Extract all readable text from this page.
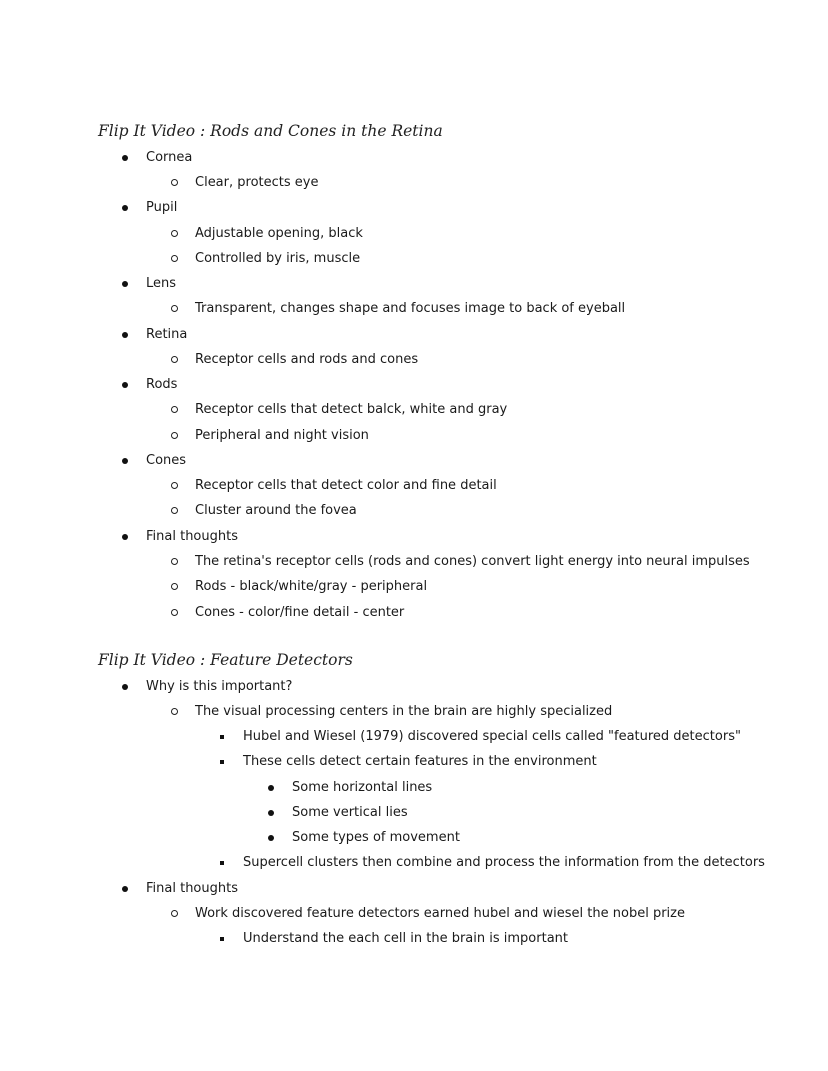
Flip It Video : Rods and Cones in the Retina
Cornea
Clear, protects eye
Pupil
Adjustable opening, black
Controlled by iris, muscle
Lens
Transparent, changes shape and focuses image to back of eyeball
Retina
Receptor cells and rods and cones
Rods
Receptor cells that detect balck, white and gray
Peripheral and night vision
Cones
Receptor cells that detect color and fine detail
Cluster around the fovea
Final thoughts
The retina's receptor cells (rods and cones) convert light energy into neural impulses
Rods - black/white/gray - peripheral
Cones - color/fine detail - center
Flip It Video : Feature Detectors
Why is this important?
The visual processing centers in the brain are highly specialized
Hubel and Wiesel (1979) discovered special cells called "featured detectors"
These cells detect certain features in the environment
Some horizontal lines
Some vertical lies
Some types of movement
Supercell clusters then combine and process the information from the detectors
Final thoughts
Work discovered feature detectors earned hubel and wiesel the nobel prize
Understand the each cell in the brain is important
